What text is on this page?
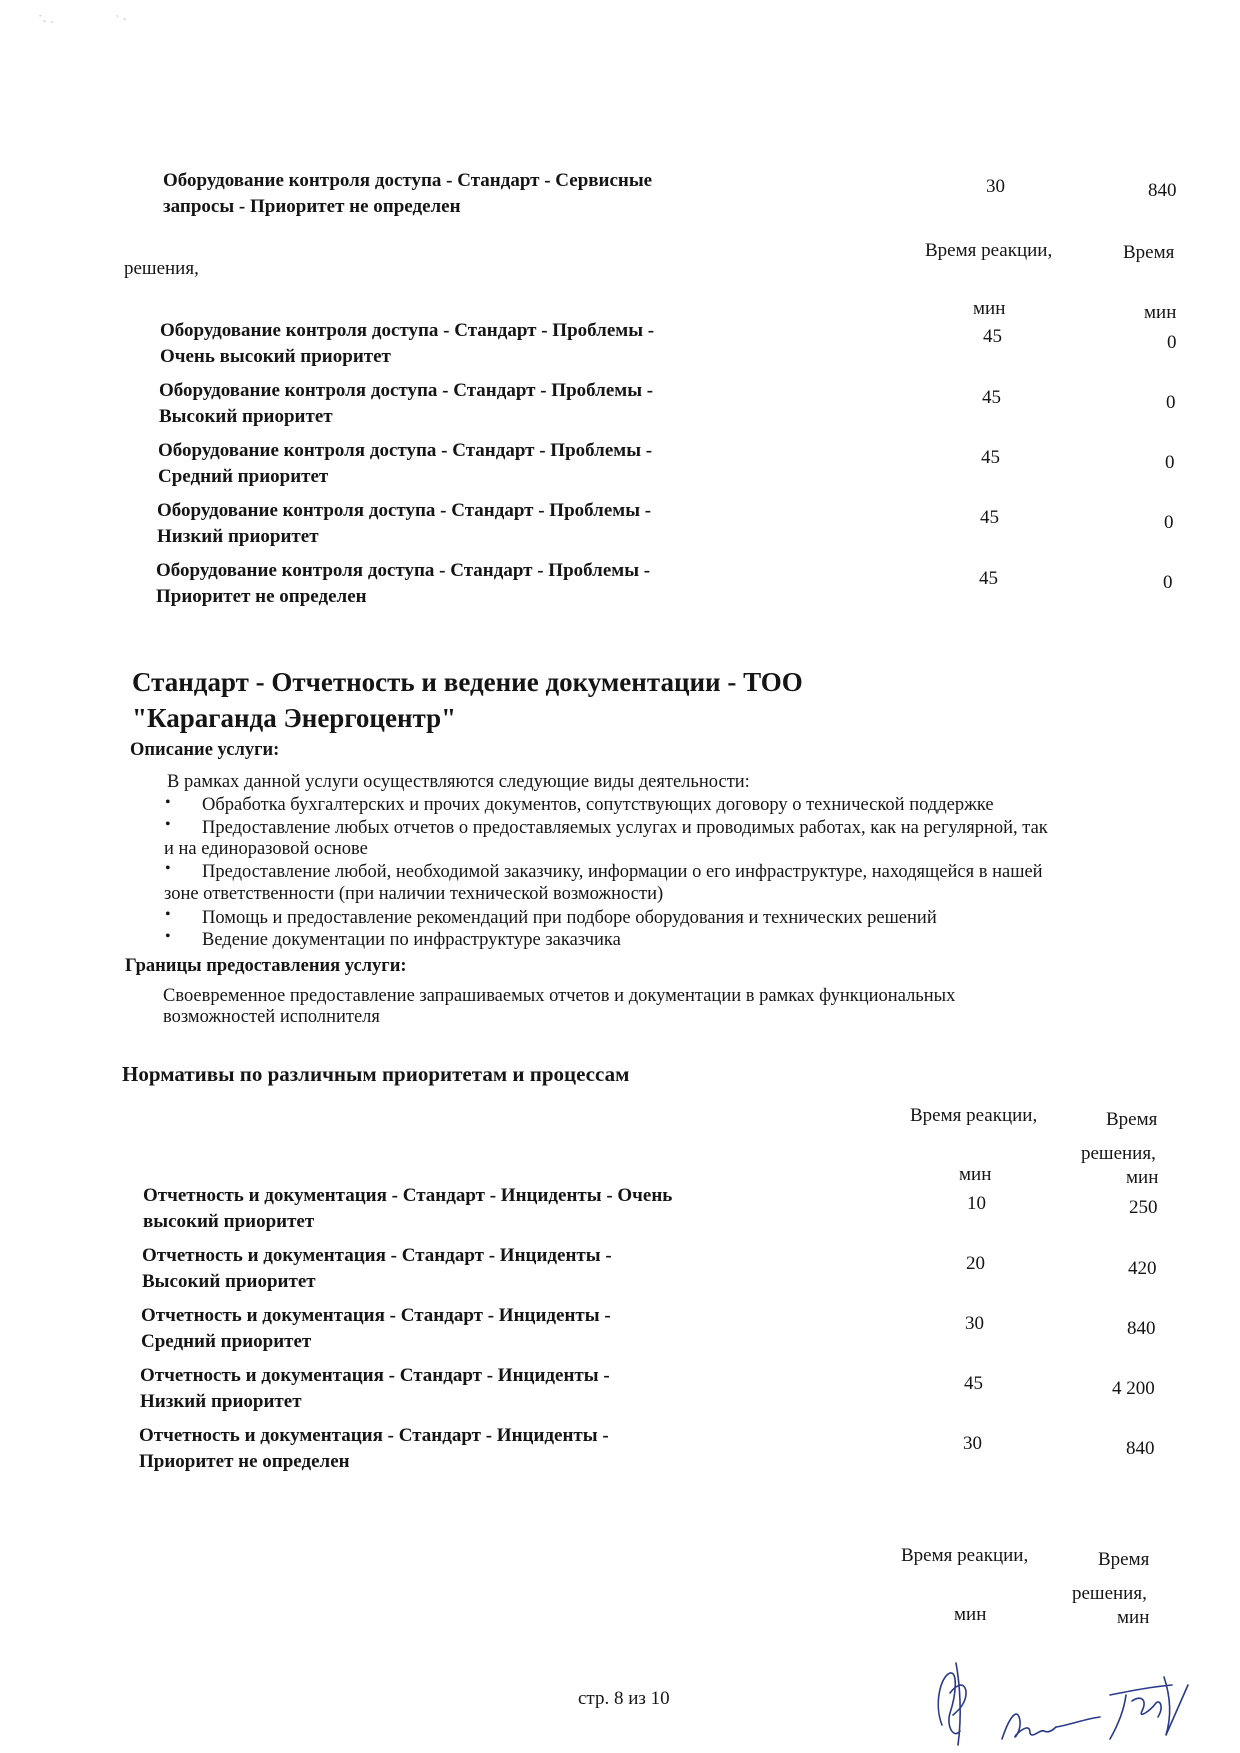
·ˎ ˌ	˒ ˏ
Оборудование контроля доступа - Стандарт - Сервисные
запросы - Приоритет не определен
30	840
Время реакции,	Время
решения,
мин	мин
Оборудование контроля доступа - Стандарт - Проблемы -
Очень высокий приоритет
45	0
Оборудование контроля доступа - Стандарт - Проблемы -
Высокий приоритет
45	0
Оборудование контроля доступа - Стандарт - Проблемы -
Средний приоритет
45	0
Оборудование контроля доступа - Стандарт - Проблемы -
Низкий приоритет
45	0
Оборудование контроля доступа - Стандарт - Проблемы -
Приоритет не определен
45	0
Стандарт - Отчетность и ведение документации - ТОО
"Караганда Энергоцентр"
Описание услуги:
В рамках данной услуги осуществляются следующие виды деятельности:
• Обработка бухгалтерских и прочих документов, сопутствующих договору о технической поддержке
• Предоставление любых отчетов о предоставляемых услугах и проводимых работах, как на регулярной, так
и на единоразовой основе
• Предоставление любой, необходимой заказчику, информации о его инфраструктуре, находящейся в нашей
зоне ответственности (при наличии технической возможности)
• Помощь и предоставление рекомендаций при подборе оборудования и технических решений
• Ведение документации по инфраструктуре заказчика
Границы предоставления услуги:
Своевременное предоставление запрашиваемых отчетов и документации в рамках функциональных
возможностей исполнителя
Нормативы по различным приоритетам и процессам
Время реакции,	Время
решения,
мин	мин
Отчетность и документация - Стандарт - Инциденты - Очень
высокий приоритет
10	250
Отчетность и документация - Стандарт - Инциденты -
Высокий приоритет
20	420
Отчетность и документация - Стандарт - Инциденты -
Средний приоритет
30	840
Отчетность и документация - Стандарт - Инциденты -
Низкий приоритет
45	4 200
Отчетность и документация - Стандарт - Инциденты -
Приоритет не определен
30	840
Время реакции,	Время
решения,
мин	мин
стр. 8 из 10
